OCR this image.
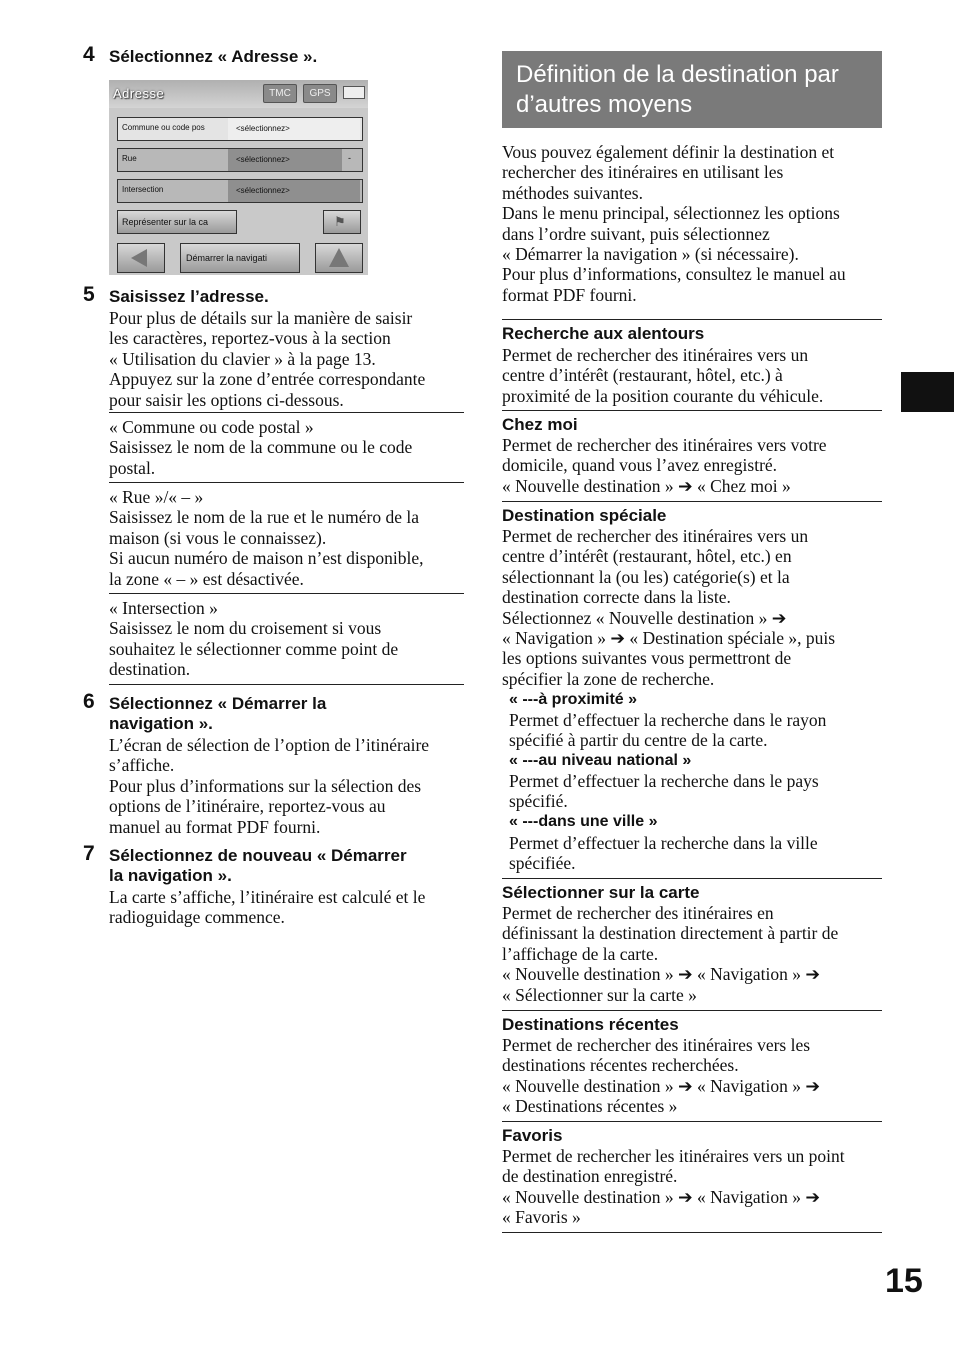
4 Sélectionnez « Adresse ».
Adresse	TMC	GPS
Commune ou code pos	<sélectionnez>
Rue	<sélectionnez>	-
Intersection	<sélectionnez>
Représenter sur la ca	⚑
Démarrer la navigati
5 Saisissez l’adresse.
Pour plus de détails sur la manière de saisir
les caractères, reportez-vous à la section
« Utilisation du clavier » à la page 13.
Appuyez sur la zone d’entrée correspondante
pour saisir les options ci-dessous.
« Commune ou code postal »
Saisissez le nom de la commune ou le code
postal.
« Rue »/« – »
Saisissez le nom de la rue et le numéro de la
maison (si vous le connaissez).
Si aucun numéro de maison n’est disponible,
la zone « – » est désactivée.
« Intersection »
Saisissez le nom du croisement si vous
souhaitez le sélectionner comme point de
destination.
6 Sélectionnez « Démarrer la
navigation ».
L’écran de sélection de l’option de l’itinéraire
s’affiche.
Pour plus d’informations sur la sélection des
options de l’itinéraire, reportez-vous au
manuel au format PDF fourni.
7 Sélectionnez de nouveau « Démarrer
la navigation ».
La carte s’affiche, l’itinéraire est calculé et le
radioguidage commence.
Définition de la destination par
d’autres moyens
Vous pouvez également définir la destination et
rechercher des itinéraires en utilisant les
méthodes suivantes.
Dans le menu principal, sélectionnez les options
dans l’ordre suivant, puis sélectionnez
« Démarrer la navigation » (si nécessaire).
Pour plus d’informations, consultez le manuel au
format PDF fourni.
Recherche aux alentours
Permet de rechercher des itinéraires vers un
centre d’intérêt (restaurant, hôtel, etc.) à
proximité de la position courante du véhicule.
Chez moi
Permet de rechercher des itinéraires vers votre
domicile, quand vous l’avez enregistré.
« Nouvelle destination » ➔ « Chez moi »
Destination spéciale
Permet de rechercher des itinéraires vers un
centre d’intérêt (restaurant, hôtel, etc.) en
sélectionnant la (ou les) catégorie(s) et la
destination correcte dans la liste.
Sélectionnez « Nouvelle destination » ➔
« Navigation » ➔ « Destination spéciale », puis
les options suivantes vous permettront de
spécifier la zone de recherche.
« ---à proximité »
Permet d’effectuer la recherche dans le rayon
spécifié à partir du centre de la carte.
« ---au niveau national »
Permet d’effectuer la recherche dans le pays
spécifié.
« ---dans une ville »
Permet d’effectuer la recherche dans la ville
spécifiée.
Sélectionner sur la carte
Permet de rechercher des itinéraires en
définissant la destination directement à partir de
l’affichage de la carte.
« Nouvelle destination » ➔ « Navigation » ➔
« Sélectionner sur la carte »
Destinations récentes
Permet de rechercher des itinéraires vers les
destinations récentes recherchées.
« Nouvelle destination » ➔ « Navigation » ➔
« Destinations récentes »
Favoris
Permet de rechercher les itinéraires vers un point
de destination enregistré.
« Nouvelle destination » ➔ « Navigation » ➔
« Favoris »
15
